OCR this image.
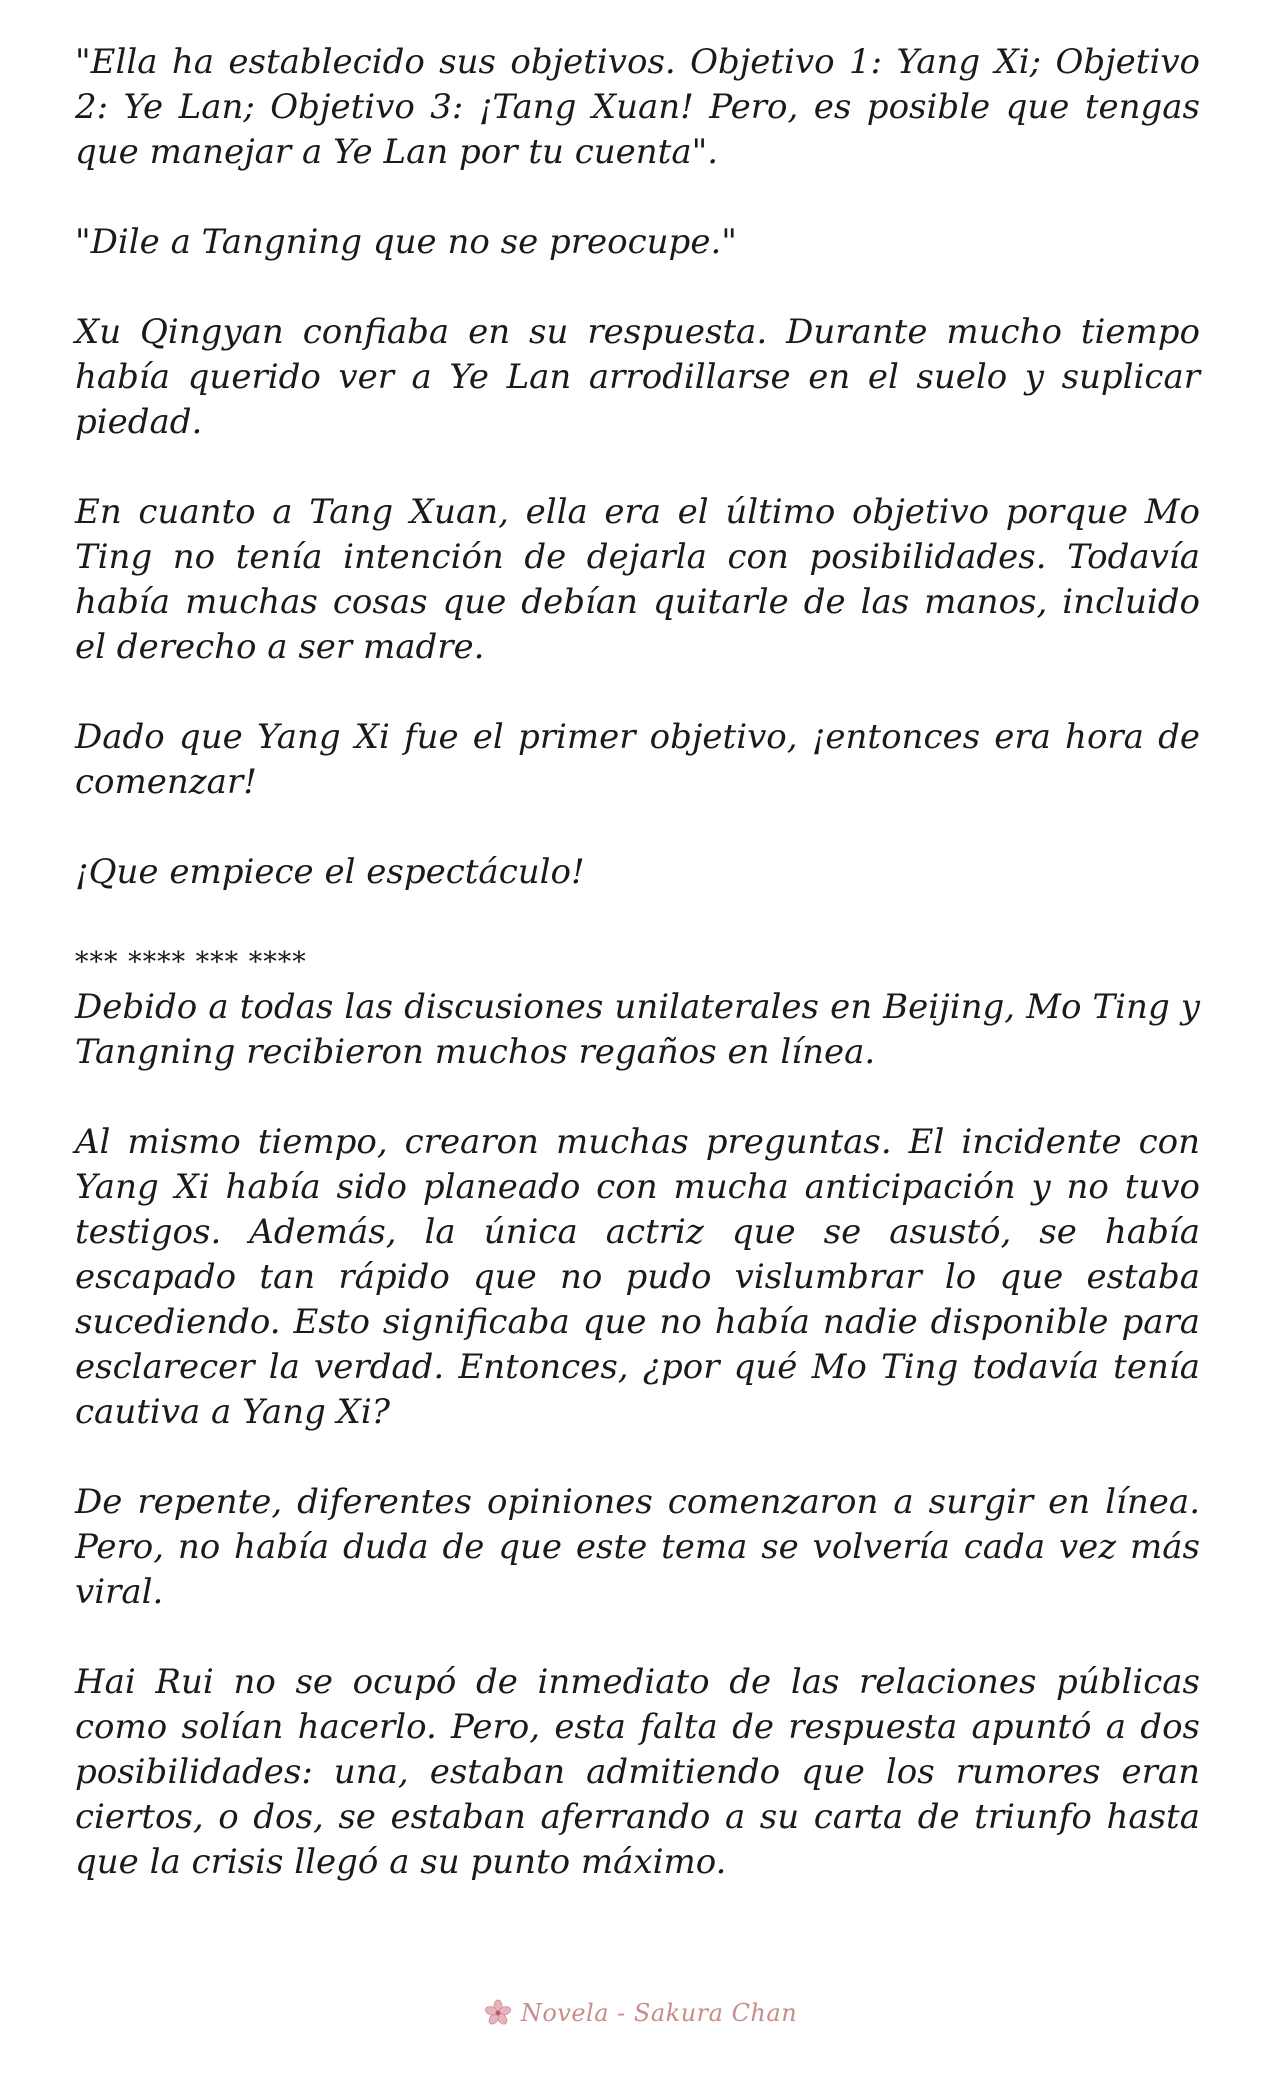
"Ella ha establecido sus objetivos. Objetivo 1: Yang Xi; Objetivo 2: Ye Lan; Objetivo 3: ¡Tang Xuan! Pero, es posible que tengas que manejar a Ye Lan por tu cuenta".

"Dile a Tangning que no se preocupe."

Xu Qingyan confiaba en su respuesta. Durante mucho tiempo había querido ver a Ye Lan arrodillarse en el suelo y suplicar piedad.

En cuanto a Tang Xuan, ella era el último objetivo porque Mo Ting no tenía intención de dejarla con posibilidades. Todavía había muchas cosas que debían quitarle de las manos, incluido el derecho a ser madre.

Dado que Yang Xi fue el primer objetivo, ¡entonces era hora de comenzar!

¡Que empiece el espectáculo!

*** **** *** ****

Debido a todas las discusiones unilaterales en Beijing, Mo Ting y Tangning recibieron muchos regaños en línea.

Al mismo tiempo, crearon muchas preguntas. El incidente con Yang Xi había sido planeado con mucha anticipación y no tuvo testigos. Además, la única actriz que se asustó, se había escapado tan rápido que no pudo vislumbrar lo que estaba sucediendo. Esto significaba que no había nadie disponible para esclarecer la verdad. Entonces, ¿por qué Mo Ting todavía tenía cautiva a Yang Xi?

De repente, diferentes opiniones comenzaron a surgir en línea. Pero, no había duda de que este tema se volvería cada vez más viral.

Hai Rui no se ocupó de inmediato de las relaciones públicas como solían hacerlo. Pero, esta falta de respuesta apuntó a dos posibilidades: una, estaban admitiendo que los rumores eran ciertos, o dos, se estaban aferrando a su carta de triunfo hasta que la crisis llegó a su punto máximo.

Novela - Sakura Chan
